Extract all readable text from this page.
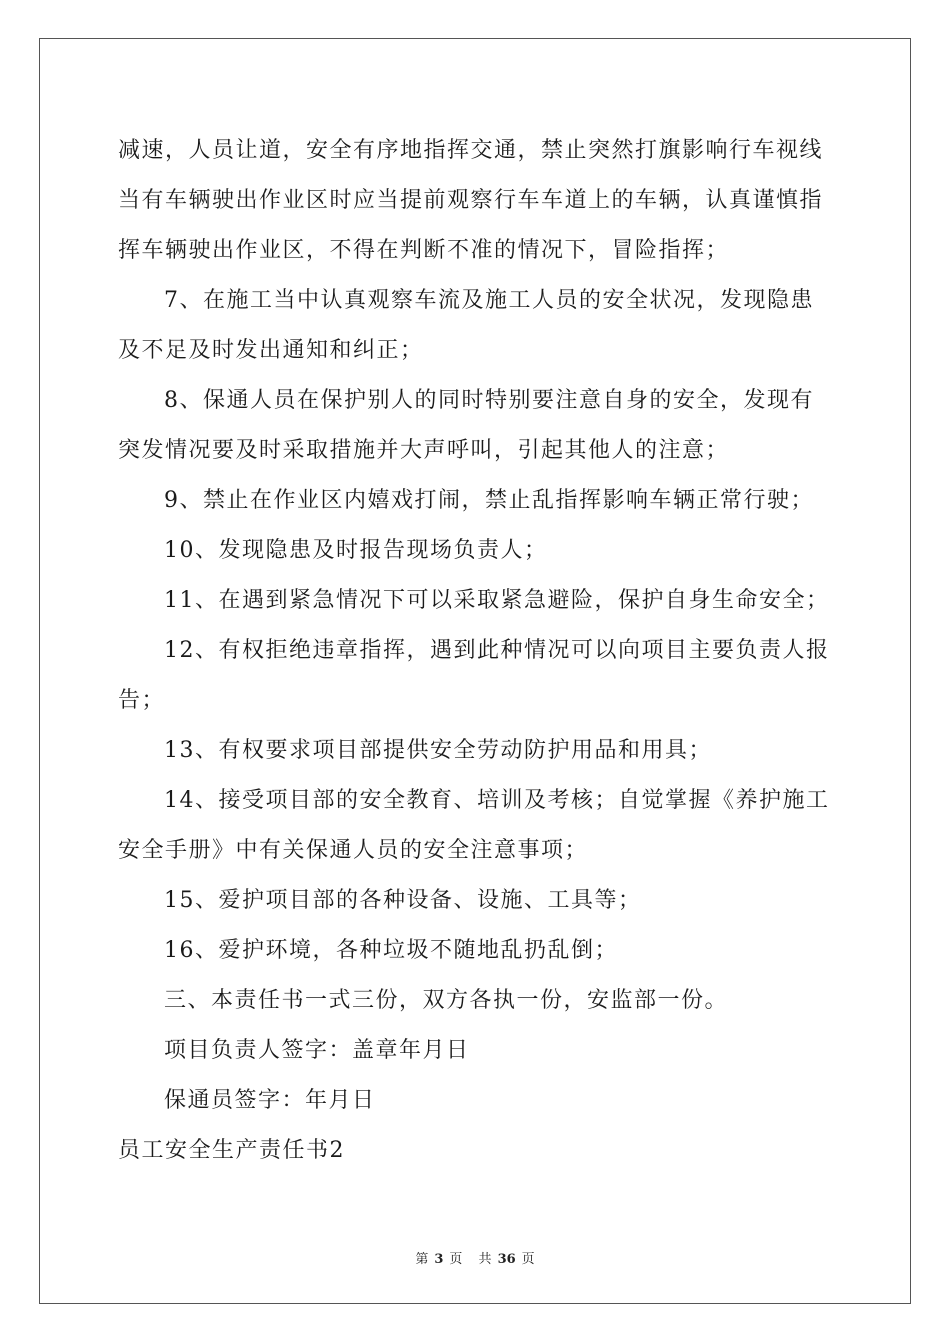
减速，人员让道，安全有序地指挥交通，禁止突然打旗影响行车视线

当有车辆驶出作业区时应当提前观察行车车道上的车辆，认真谨慎指

挥车辆驶出作业区，不得在判断不准的情况下，冒险指挥；

7、在施工当中认真观察车流及施工人员的安全状况，发现隐患

及不足及时发出通知和纠正；

8、保通人员在保护别人的同时特别要注意自身的安全，发现有

突发情况要及时采取措施并大声呼叫，引起其他人的注意；

9、禁止在作业区内嬉戏打闹，禁止乱指挥影响车辆正常行驶；

10、发现隐患及时报告现场负责人；

11、在遇到紧急情况下可以采取紧急避险，保护自身生命安全；

12、有权拒绝违章指挥，遇到此种情况可以向项目主要负责人报

告；

13、有权要求项目部提供安全劳动防护用品和用具；

14、接受项目部的安全教育、培训及考核；自觉掌握《养护施工

安全手册》中有关保通人员的安全注意事项；

15、爱护项目部的各种设备、设施、工具等；

16、爱护环境，各种垃圾不随地乱扔乱倒；

三、本责任书一式三份，双方各执一份，安监部一份。

项目负责人签字：盖章年月日

保通员签字：年月日

员工安全生产责任书2

第 3 页 共 36 页
